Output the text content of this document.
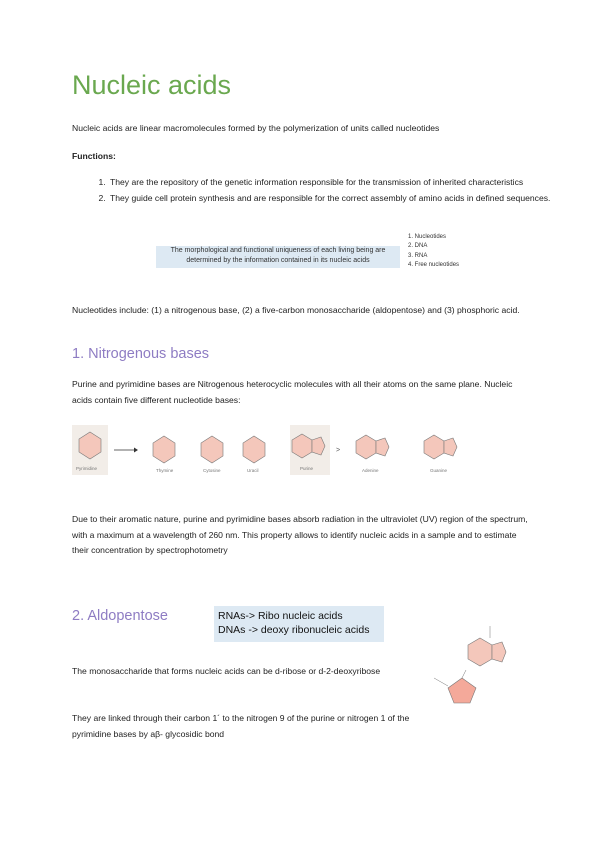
Nucleic acids

Nucleic acids are linear macromolecules formed by the polymerization of units called nucleotides

Functions:

1. They are the repository of the genetic information responsible for the transmission of inherited characteristics
2. They guide cell protein synthesis and are responsible for the correct assembly of amino acids in defined sequences.
The morphological and functional uniqueness of each living being are determined by the information contained in its nucleic acids
1. Nucleotides
2. DNA
3. RNA
4. Free nucleotides

Nucleotides include: (1) a nitrogenous base, (2) a five-carbon monosaccharide (aldopentose) and (3) phosphoric acid.

1. Nitrogenous bases

Purine and pyrimidine bases are Nitrogenous heterocyclic molecules with all their atoms on the same plane. Nucleic acids contain five different nucleotide bases:

Pyrimidine	Thymine	Cytosine	Uracil	Purine
>
Adenine	Guanine

Due to their aromatic nature, purine and pyrimidine bases absorb radiation in the ultraviolet (UV) region of the spectrum, with a maximum at a wavelength of 260 nm. This property allows to identify nucleic acids in a sample and to estimate their concentration by spectrophotometry

2. Aldopentose	RNAs-> Ribo nucleic acids
DNAs -> deoxy ribonucleic acids

The monosaccharide that forms nucleic acids can be d-ribose or d-2-deoxyribose

They are linked through their carbon 1´ to the nitrogen 9 of the purine or nitrogen 1 of the pyrimidine bases by aβ- glycosidic bond
